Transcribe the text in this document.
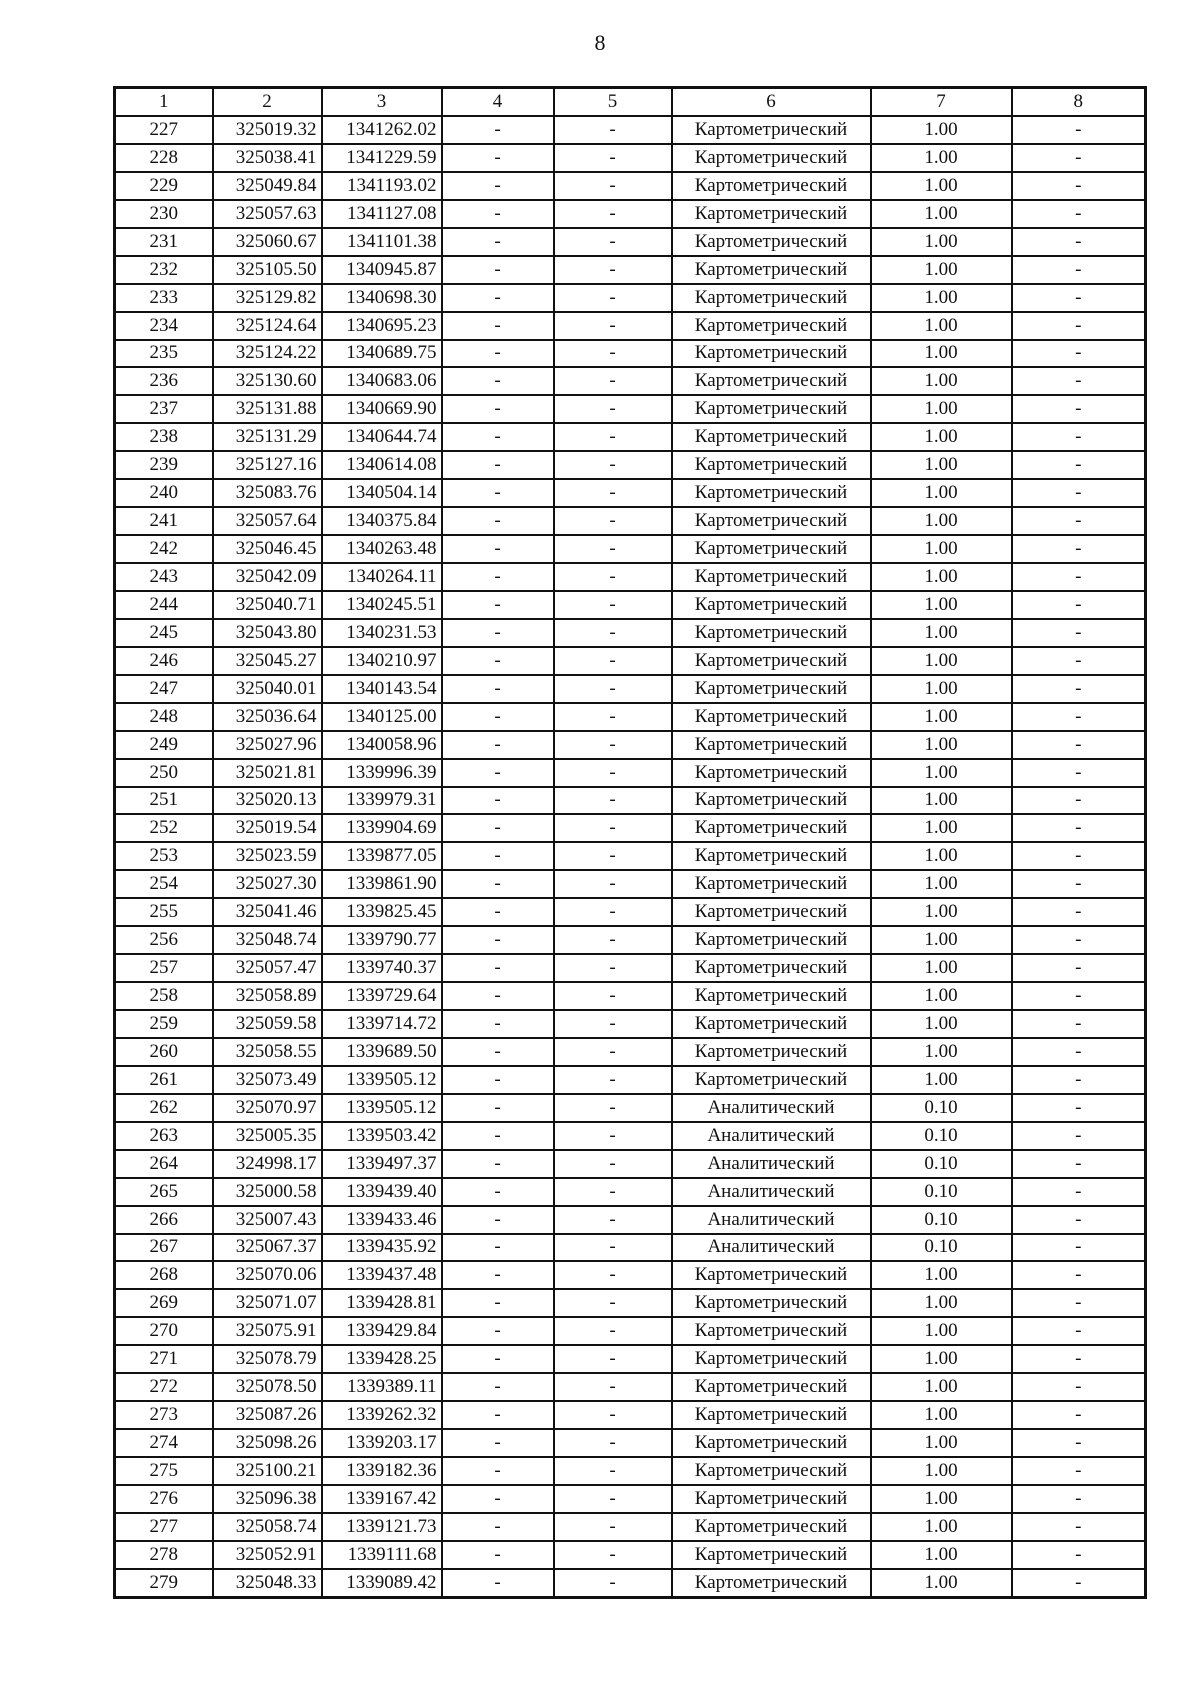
8
1	2	3	4	5	6	7	8
227	325019.32	1341262.02	-	-	Картометрический	1.00	-
228	325038.41	1341229.59	-	-	Картометрический	1.00	-
229	325049.84	1341193.02	-	-	Картометрический	1.00	-
230	325057.63	1341127.08	-	-	Картометрический	1.00	-
231	325060.67	1341101.38	-	-	Картометрический	1.00	-
232	325105.50	1340945.87	-	-	Картометрический	1.00	-
233	325129.82	1340698.30	-	-	Картометрический	1.00	-
234	325124.64	1340695.23	-	-	Картометрический	1.00	-
235	325124.22	1340689.75	-	-	Картометрический	1.00	-
236	325130.60	1340683.06	-	-	Картометрический	1.00	-
237	325131.88	1340669.90	-	-	Картометрический	1.00	-
238	325131.29	1340644.74	-	-	Картометрический	1.00	-
239	325127.16	1340614.08	-	-	Картометрический	1.00	-
240	325083.76	1340504.14	-	-	Картометрический	1.00	-
241	325057.64	1340375.84	-	-	Картометрический	1.00	-
242	325046.45	1340263.48	-	-	Картометрический	1.00	-
243	325042.09	1340264.11	-	-	Картометрический	1.00	-
244	325040.71	1340245.51	-	-	Картометрический	1.00	-
245	325043.80	1340231.53	-	-	Картометрический	1.00	-
246	325045.27	1340210.97	-	-	Картометрический	1.00	-
247	325040.01	1340143.54	-	-	Картометрический	1.00	-
248	325036.64	1340125.00	-	-	Картометрический	1.00	-
249	325027.96	1340058.96	-	-	Картометрический	1.00	-
250	325021.81	1339996.39	-	-	Картометрический	1.00	-
251	325020.13	1339979.31	-	-	Картометрический	1.00	-
252	325019.54	1339904.69	-	-	Картометрический	1.00	-
253	325023.59	1339877.05	-	-	Картометрический	1.00	-
254	325027.30	1339861.90	-	-	Картометрический	1.00	-
255	325041.46	1339825.45	-	-	Картометрический	1.00	-
256	325048.74	1339790.77	-	-	Картометрический	1.00	-
257	325057.47	1339740.37	-	-	Картометрический	1.00	-
258	325058.89	1339729.64	-	-	Картометрический	1.00	-
259	325059.58	1339714.72	-	-	Картометрический	1.00	-
260	325058.55	1339689.50	-	-	Картометрический	1.00	-
261	325073.49	1339505.12	-	-	Картометрический	1.00	-
262	325070.97	1339505.12	-	-	Аналитический	0.10	-
263	325005.35	1339503.42	-	-	Аналитический	0.10	-
264	324998.17	1339497.37	-	-	Аналитический	0.10	-
265	325000.58	1339439.40	-	-	Аналитический	0.10	-
266	325007.43	1339433.46	-	-	Аналитический	0.10	-
267	325067.37	1339435.92	-	-	Аналитический	0.10	-
268	325070.06	1339437.48	-	-	Картометрический	1.00	-
269	325071.07	1339428.81	-	-	Картометрический	1.00	-
270	325075.91	1339429.84	-	-	Картометрический	1.00	-
271	325078.79	1339428.25	-	-	Картометрический	1.00	-
272	325078.50	1339389.11	-	-	Картометрический	1.00	-
273	325087.26	1339262.32	-	-	Картометрический	1.00	-
274	325098.26	1339203.17	-	-	Картометрический	1.00	-
275	325100.21	1339182.36	-	-	Картометрический	1.00	-
276	325096.38	1339167.42	-	-	Картометрический	1.00	-
277	325058.74	1339121.73	-	-	Картометрический	1.00	-
278	325052.91	1339111.68	-	-	Картометрический	1.00	-
279	325048.33	1339089.42	-	-	Картометрический	1.00	-
